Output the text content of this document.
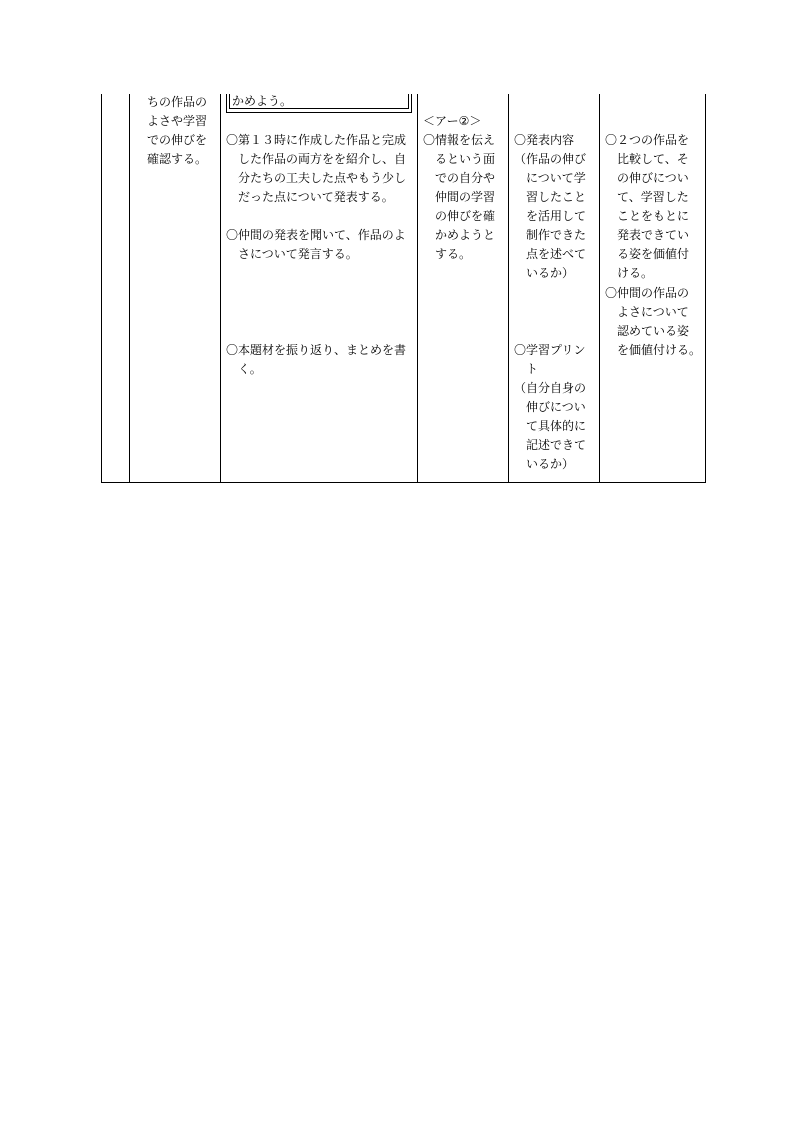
ちの作品の
よさや学習
での伸びを
確認する。
かめよう。
〇第１３時に作成した作品と完成
　した作品の両方をを紹介し、自
　分たちの工夫した点やもう少し
　だった点について発表する。
〇仲間の発表を聞いて、作品のよ
　さについて発言する。
〇本題材を振り返り、まとめを書
　く。
＜アー②＞
〇情報を伝え
　るという面
　での自分や
　仲間の学習
　の伸びを確
　かめようと
　する。
〇発表内容
（作品の伸び
　について学
　習したこと
　を活用して
　制作できた
　点を述べて
　いるか）
〇学習プリン
　ト
（自分自身の
　伸びについ
　て具体的に
　記述できて
　いるか）
〇２つの作品を
　比較して、そ
　の伸びについ
　て、学習した
　ことをもとに
　発表できてい
　る姿を価値付
　ける。
〇仲間の作品の
　よさについて
　認めている姿
　を価値付ける。
